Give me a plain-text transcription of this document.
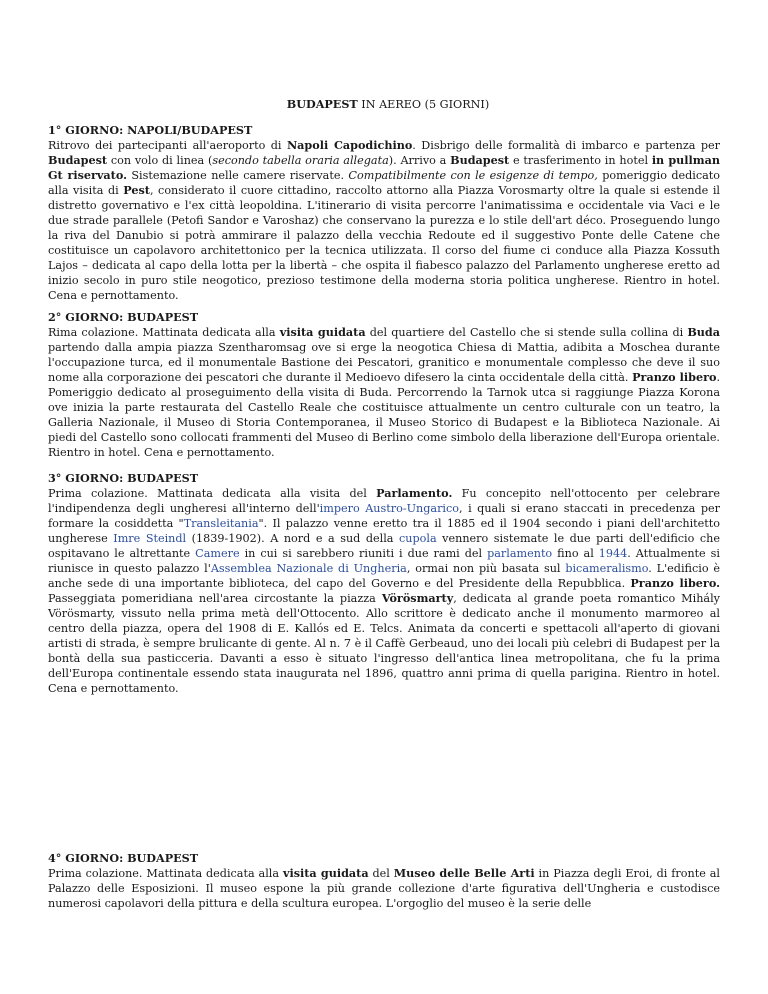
BUDAPEST IN AEREO (5 GIORNI)
1° GIORNO: NAPOLI/BUDAPEST

Ritrovo dei partecipanti all'aeroporto di Napoli Capodichino. Disbrigo delle formalità di imbarco e partenza per Budapest con volo di linea (secondo tabella oraria allegata). Arrivo a Budapest e trasferimento in hotel in pullman Gt riservato. Sistemazione nelle camere riservate. Compatibilmente con le esigenze di tempo, pomeriggio dedicato alla visita di Pest, considerato il cuore cittadino, raccolto attorno alla Piazza Vorosmarty oltre la quale si estende il distretto governativo e l'ex città leopoldina. L'itinerario di visita percorre l'animatissima e occidentale via Vaci e le due strade parallele (Petofi Sandor e Varoshaz) che conservano la purezza e lo stile dell'art déco. Proseguendo lungo la riva del Danubio si potrà ammirare il palazzo della vecchia Redoute ed il suggestivo Ponte delle Catene che costituisce un capolavoro architettonico per la tecnica utilizzata. Il corso del fiume ci conduce alla Piazza Kossuth Lajos – dedicata al capo della lotta per la libertà – che ospita il fiabesco palazzo del Parlamento ungherese eretto ad inizio secolo in puro stile neogotico, prezioso testimone della moderna storia politica ungherese. Rientro in hotel. Cena e pernottamento.

2° GIORNO: BUDAPEST

Rima colazione. Mattinata dedicata alla visita guidata del quartiere del Castello che si stende sulla collina di Buda partendo dalla ampia piazza Szentharomsag ove si erge la neogotica Chiesa di Mattia, adibita a Moschea durante l'occupazione turca, ed il monumentale Bastione dei Pescatori, granitico e monumentale complesso che deve il suo nome alla corporazione dei pescatori che durante il Medioevo difesero la cinta occidentale della città. Pranzo libero. Pomeriggio dedicato al proseguimento della visita di Buda. Percorrendo la Tarnok utca si raggiunge Piazza Korona ove inizia la parte restaurata del Castello Reale che costituisce attualmente un centro culturale con un teatro, la Galleria Nazionale, il Museo di Storia Contemporanea, il Museo Storico di Budapest e la Biblioteca Nazionale. Ai piedi del Castello sono collocati frammenti del Museo di Berlino come simbolo della liberazione dell'Europa orientale. Rientro in hotel. Cena e pernottamento.

3° GIORNO: BUDAPEST

Prima colazione. Mattinata dedicata alla visita del Parlamento. Fu concepito nell'ottocento per celebrare l'indipendenza degli ungheresi all'interno dell'impero Austro-Ungarico, i quali si erano staccati in precedenza per formare la cosiddetta "Transleitania". Il palazzo venne eretto tra il 1885 ed il 1904 secondo i piani dell'architetto ungherese Imre Steindl (1839-1902). A nord e a sud della cupola vennero sistemate le due parti dell'edificio che ospitavano le altrettante Camere in cui si sarebbero riuniti i due rami del parlamento fino al 1944. Attualmente si riunisce in questo palazzo l'Assemblea Nazionale di Ungheria, ormai non più basata sul bicameralismo. L'edificio è anche sede di una importante biblioteca, del capo del Governo e del Presidente della Repubblica. Pranzo libero. Passeggiata pomeridiana nell'area circostante la piazza Vörösmarty, dedicata al grande poeta romantico Mihály Vörösmarty, vissuto nella prima metà dell'Ottocento. Allo scrittore è dedicato anche il monumento marmoreo al centro della piazza, opera del 1908 di E. Kallós ed E. Telcs. Animata da concerti e spettacoli all'aperto di giovani artisti di strada, è sempre brulicante di gente. Al n. 7 è il Caffè Gerbeaud, uno dei locali più celebri di Budapest per la bontà della sua pasticceria. Davanti a esso è situato l'ingresso dell'antica linea metropolitana, che fu la prima dell'Europa continentale essendo stata inaugurata nel 1896, quattro anni prima di quella parigina. Rientro in hotel. Cena e pernottamento.

4° GIORNO: BUDAPEST

Prima colazione. Mattinata dedicata alla visita guidata del Museo delle Belle Arti in Piazza degli Eroi, di fronte al Palazzo delle Esposizioni. Il museo espone la più grande collezione d'arte figurativa dell'Ungheria e custodisce numerosi capolavori della pittura e della scultura europea. L'orgoglio del museo è la serie delle
